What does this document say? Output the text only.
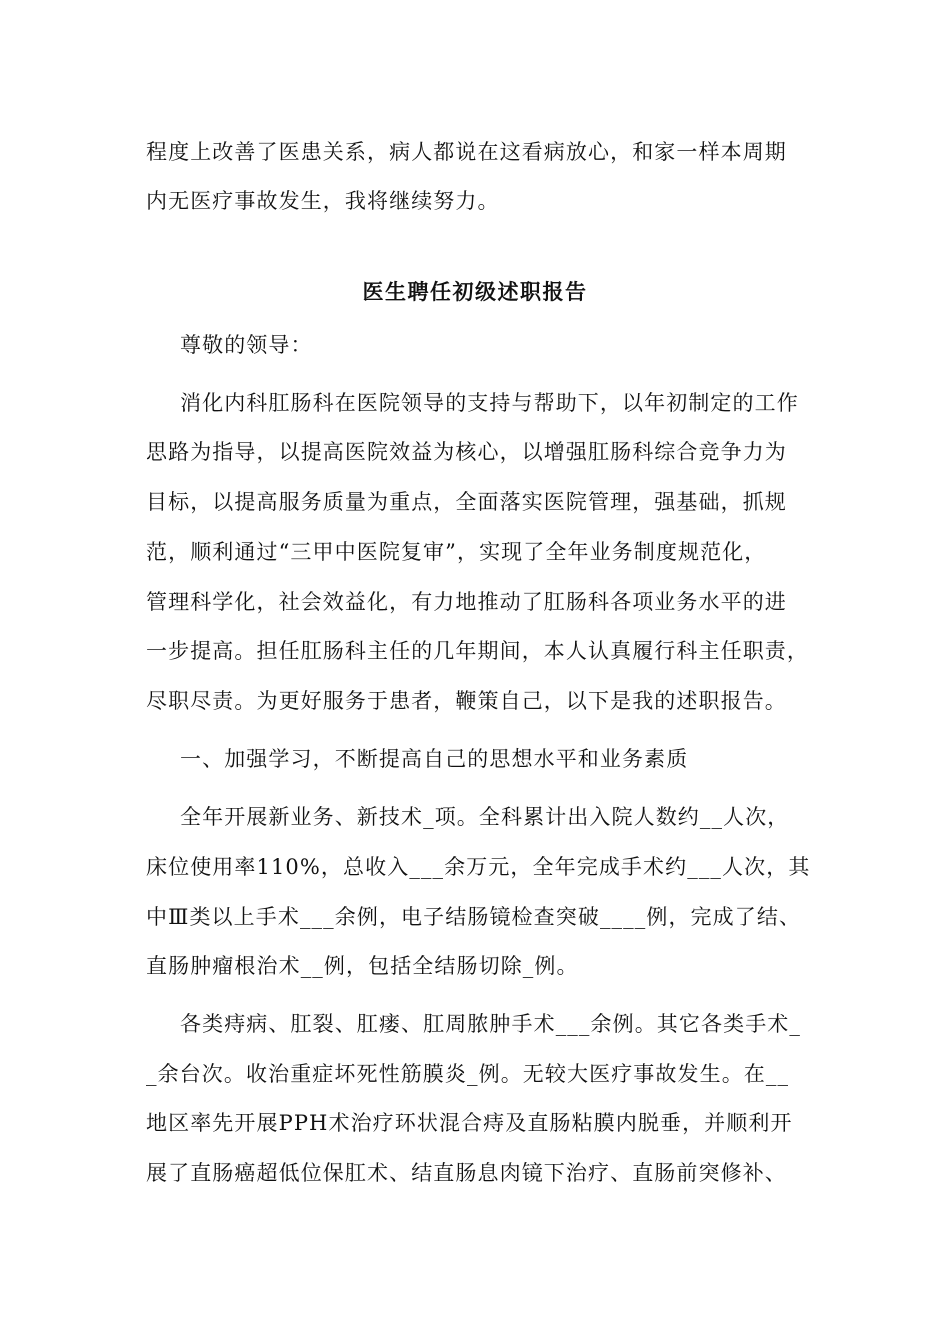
程度上改善了医患关系，病人都说在这看病放心，和家一样本周期
内无医疗事故发生，我将继续努力。
医生聘任初级述职报告
尊敬的领导：
消化内科肛肠科在医院领导的支持与帮助下，以年初制定的工作
思路为指导，以提高医院效益为核心，以增强肛肠科综合竞争力为
目标，以提高服务质量为重点，全面落实医院管理，强基础，抓规
范，顺利通过“三甲中医院复审”，实现了全年业务制度规范化，
管理科学化，社会效益化，有力地推动了肛肠科各项业务水平的进
一步提高。担任肛肠科主任的几年期间，本人认真履行科主任职责，
尽职尽责。为更好服务于患者，鞭策自己，以下是我的述职报告。
一、加强学习，不断提高自己的思想水平和业务素质
全年开展新业务、新技术_项。全科累计出入院人数约__人次，
床位使用率110%，总收入___余万元，全年完成手术约___人次，其
中Ⅲ类以上手术___余例，电子结肠镜检查突破____例，完成了结、
直肠肿瘤根治术__例，包括全结肠切除_例。
各类痔病、肛裂、肛瘘、肛周脓肿手术___余例。其它各类手术_
_余台次。收治重症坏死性筋膜炎_例。无较大医疗事故发生。在__
地区率先开展PPH术治疗环状混合痔及直肠粘膜内脱垂，并顺利开
展了直肠癌超低位保肛术、结直肠息肉镜下治疗、直肠前突修补、
